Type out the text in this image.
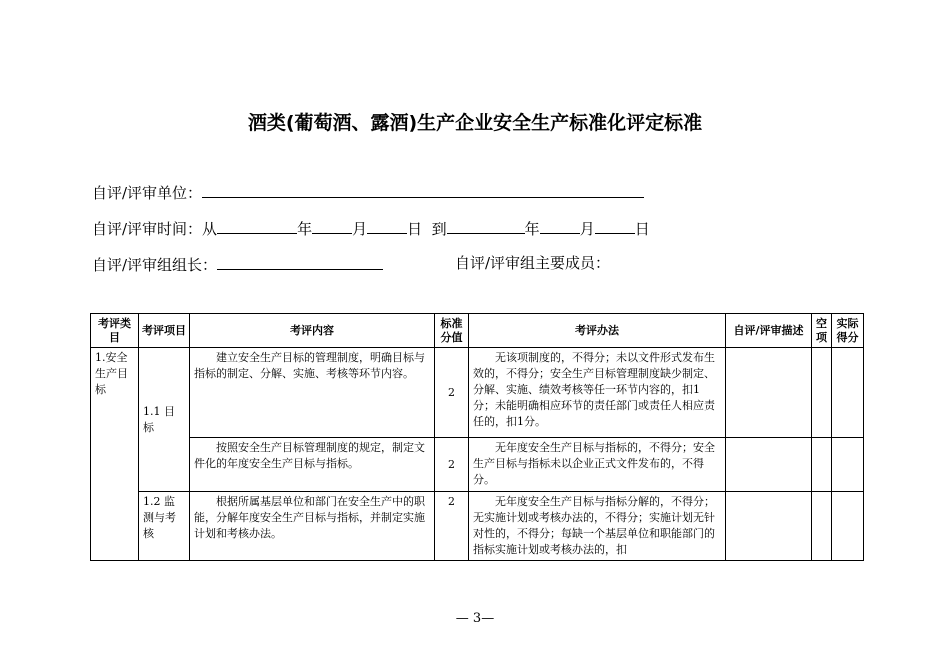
酒类(葡萄酒、露酒)生产企业安全生产标准化评定标准
自评/评审单位：
自评/评审时间：从	年	月	日 到	年	月	日
自评/评审组组长：	自评/评审组主要成员：
考评类目	考评项目	考评内容	标准分值	考评办法	自评/评审描述	空项	实际得分
1.安全生产目标	1.1 目标	建立安全生产目标的管理制度，明确目标与指标的制定、分解、实施、考核等环节内容。	2	无该项制度的，不得分；未以文件形式发布生效的，不得分；安全生产目标管理制度缺少制定、分解、实施、绩效考核等任一环节内容的，扣1分；未能明确相应环节的责任部门或责任人相应责任的，扣1分。			
		按照安全生产目标管理制度的规定，制定文件化的年度安全生产目标与指标。	2	无年度安全生产目标与指标的，不得分；安全生产目标与指标未以企业正式文件发布的，不得分。			
	1.2 监测与考核	根据所属基层单位和部门在安全生产中的职能，分解年度安全生产目标与指标，并制定实施计划和考核办法。	2	无年度安全生产目标与指标分解的，不得分；无实施计划或考核办法的，不得分；实施计划无针对性的，不得分；每缺一个基层单位和职能部门的指标实施计划或考核办法的，扣			
— 3—
